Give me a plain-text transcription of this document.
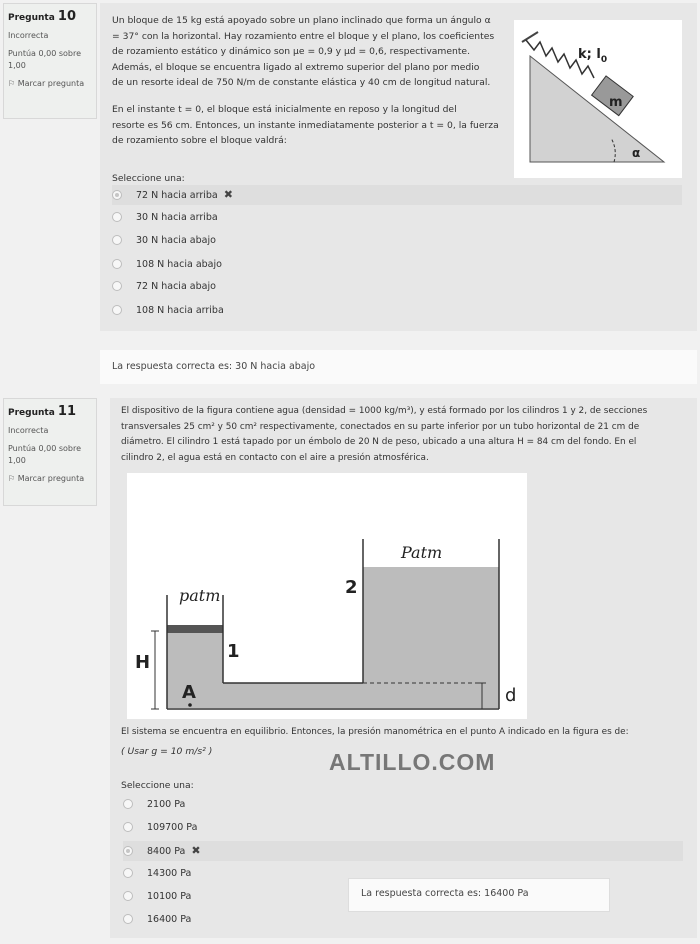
Pregunta 10
Incorrecta
Puntúa 0,00 sobre 1,00
⚐ Marcar pregunta
Un bloque de 15 kg está apoyado sobre un plano inclinado que forma un ángulo α
= 37° con la horizontal. Hay rozamiento entre el bloque y el plano, los coeficientes
de rozamiento estático y dinámico son μe = 0,9 y μd = 0,6, respectivamente.
Además, el bloque se encuentra ligado al extremo superior del plano por medio
de un resorte ideal de 750 N/m de constante elástica y 40 cm de longitud natural.
En el instante t = 0, el bloque está inicialmente en reposo y la longitud del
resorte es 56 cm. Entonces, un instante inmediatamente posterior a t = 0, la fuerza
de rozamiento sobre el bloque valdrá:
m
k; $l_0$
α
Seleccione una:
72 N hacia arriba ✖
30 N hacia arriba
30 N hacia abajo
108 N hacia abajo
72 N hacia abajo
108 N hacia arriba
La respuesta correcta es: 30 N hacia abajo
Pregunta 11
Incorrecta
Puntúa 0,00 sobre 1,00
⚐ Marcar pregunta
El dispositivo de la figura contiene agua (densidad = 1000 kg/m³), y está formado por los cilindros 1 y 2, de secciones
transversales 25 cm² y 50 cm² respectivamente, conectados en su parte inferior por un tubo horizontal de 21 cm de
diámetro. El cilindro 1 está tapado por un émbolo de 20 N de peso, ubicado a una altura H = 84 cm del fondo. En el
cilindro 2, el agua está en contacto con el aire a presión atmosférica.
H
d
A
1
2
patm
Patm
El sistema se encuentra en equilibrio. Entonces, la presión manométrica en el punto A indicado en la figura es de:
( Usar g = 10 m/s² )	ALTILLO.COM
Seleccione una:
2100 Pa
109700 Pa
8400 Pa ✖
14300 Pa
10100 Pa
16400 Pa
La respuesta correcta es: 16400 Pa
